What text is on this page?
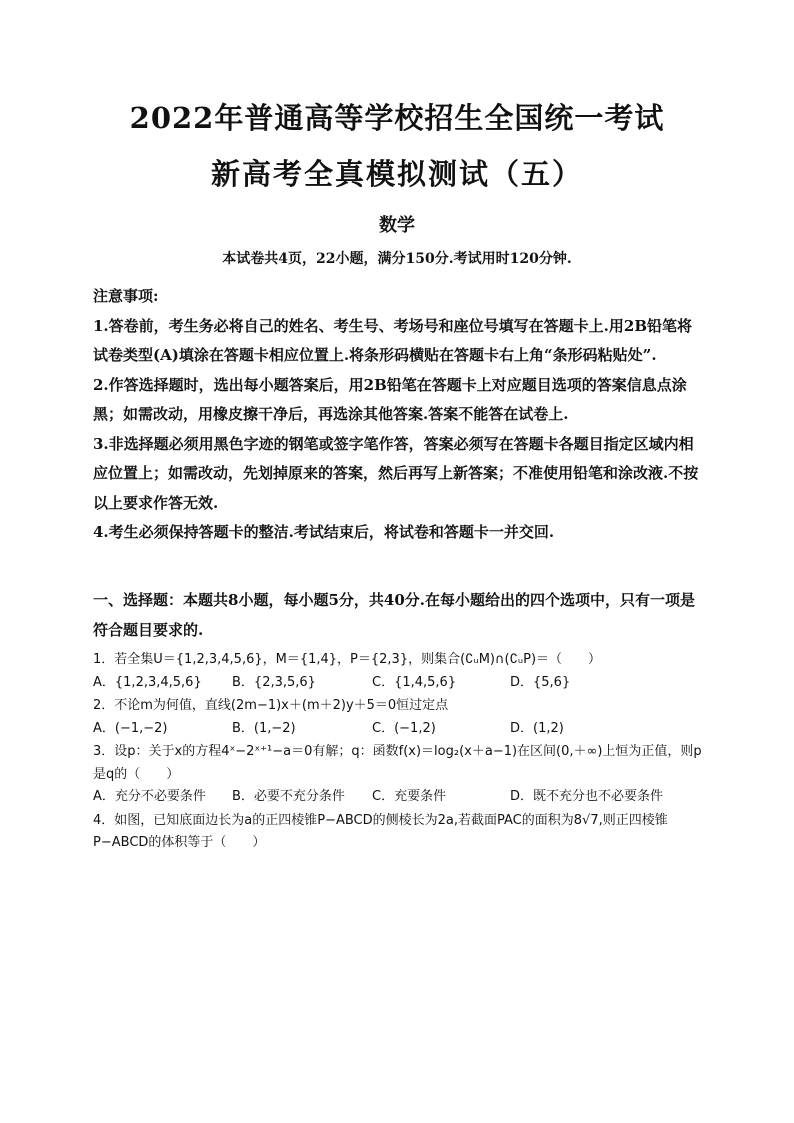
2022年普通高等学校招生全国统一考试
新高考全真模拟测试（五）
数学
本试卷共4页，22小题，满分150分.考试用时120分钟.

注意事项:

1.答卷前，考生务必将自己的姓名、考生号、考场号和座位号填写在答题卡上.用2B铅笔将试卷类型(A)填涂在答题卡相应位置上.将条形码横贴在答题卡右上角“条形码粘贴处”.

2.作答选择题时，选出每小题答案后，用2B铅笔在答题卡上对应题目选项的答案信息点涂黑；如需改动，用橡皮擦干净后，再选涂其他答案.答案不能答在试卷上.

3.非选择题必须用黑色字迹的钢笔或签字笔作答，答案必须写在答题卡各题目指定区域内相应位置上；如需改动，先划掉原来的答案，然后再写上新答案；不准使用铅笔和涂改液.不按以上要求作答无效.

4.考生必须保持答题卡的整洁.考试结束后，将试卷和答题卡一并交回.

一、选择题：本题共8小题，每小题5分，共40分.在每小题给出的四个选项中，只有一项是符合题目要求的.
1．若全集U＝{1,2,3,4,5,6}，M＝{1,4}，P＝{2,3}，则集合(∁ᵤM)∩(∁ᵤP)＝（　　）
A．{1,2,3,4,5,6} B．{2,3,5,6}	C．{1,4,5,6}	D．{5,6}
2．不论m为何值，直线(2m−1)x＋(m＋2)y＋5＝0恒过定点
A．(−1,−2)	B．(1,−2)	C．(−1,2)	D．(1,2)
3．设p：关于x的方程4ˣ−2ˣ⁺¹−a＝0有解；q：函数f(x)＝log₂(x＋a−1)在区间(0,＋∞)上恒为正值，则p是q的（　　）
A．充分不必要条件 B．必要不充分条件 C．充要条件	D．既不充分也不必要条件
4．如图，已知底面边长为a的正四棱锥P−ABCD的侧棱长为2a,若截面PAC的面积为8√7,则正四棱锥P−ABCD的体积等于（　　）
